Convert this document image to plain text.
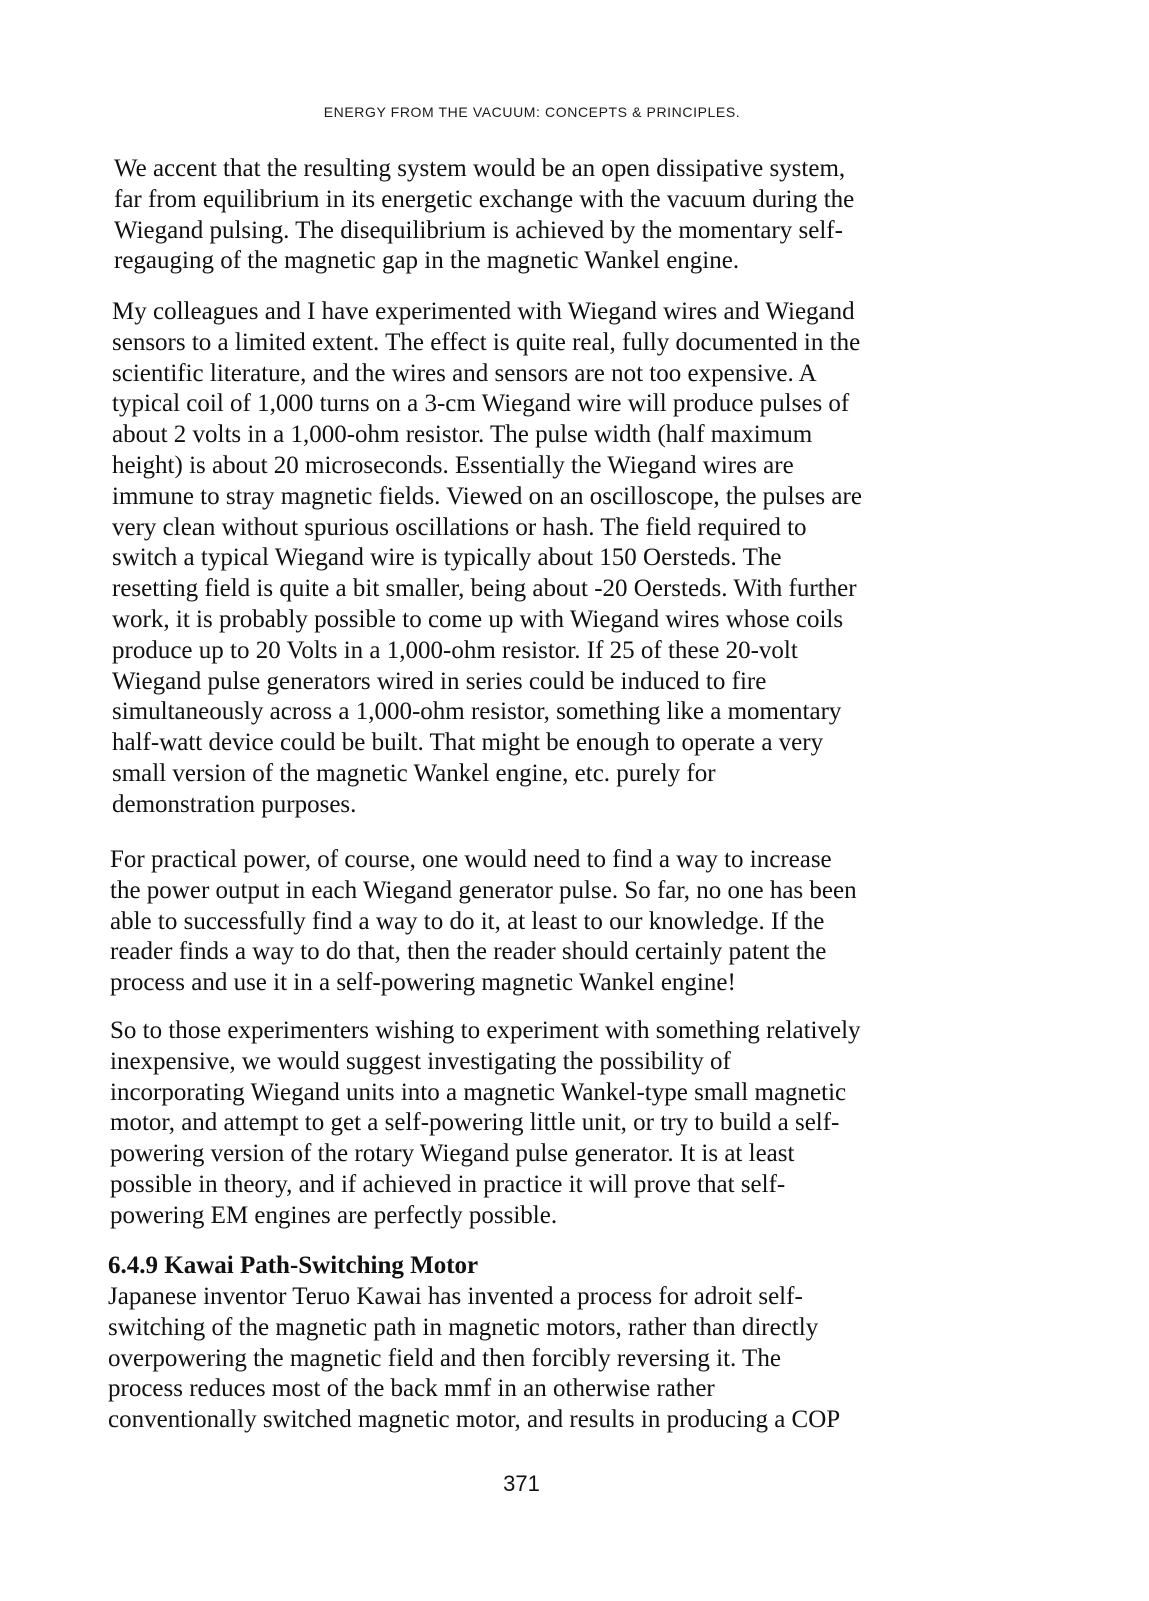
ENERGY FROM THE VACUUM: CONCEPTS & PRINCIPLES.

We accent that the resulting system would be an open dissipative system,
far from equilibrium in its energetic exchange with the vacuum during the
Wiegand pulsing. The disequilibrium is achieved by the momentary self-
regauging of the magnetic gap in the magnetic Wankel engine.

My colleagues and I have experimented with Wiegand wires and Wiegand
sensors to a limited extent. The effect is quite real, fully documented in the
scientific literature, and the wires and sensors are not too expensive. A
typical coil of 1,000 turns on a 3-cm Wiegand wire will produce pulses of
about 2 volts in a 1,000-ohm resistor. The pulse width (half maximum
height) is about 20 microseconds. Essentially the Wiegand wires are
immune to stray magnetic fields. Viewed on an oscilloscope, the pulses are
very clean without spurious oscillations or hash. The field required to
switch a typical Wiegand wire is typically about 150 Oersteds. The
resetting field is quite a bit smaller, being about -20 Oersteds. With further
work, it is probably possible to come up with Wiegand wires whose coils
produce up to 20 Volts in a 1,000-ohm resistor. If 25 of these 20-volt
Wiegand pulse generators wired in series could be induced to fire
simultaneously across a 1,000-ohm resistor, something like a momentary
half-watt device could be built. That might be enough to operate a very
small version of the magnetic Wankel engine, etc. purely for
demonstration purposes.

For practical power, of course, one would need to find a way to increase
the power output in each Wiegand generator pulse. So far, no one has been
able to successfully find a way to do it, at least to our knowledge. If the
reader finds a way to do that, then the reader should certainly patent the
process and use it in a self-powering magnetic Wankel engine!

So to those experimenters wishing to experiment with something relatively
inexpensive, we would suggest investigating the possibility of
incorporating Wiegand units into a magnetic Wankel-type small magnetic
motor, and attempt to get a self-powering little unit, or try to build a self-
powering version of the rotary Wiegand pulse generator. It is at least
possible in theory, and if achieved in practice it will prove that self-
powering EM engines are perfectly possible.

6.4.9 Kawai Path-Switching Motor

Japanese inventor Teruo Kawai has invented a process for adroit self-
switching of the magnetic path in magnetic motors, rather than directly
overpowering the magnetic field and then forcibly reversing it. The
process reduces most of the back mmf in an otherwise rather
conventionally switched magnetic motor, and results in producing a COP

371
